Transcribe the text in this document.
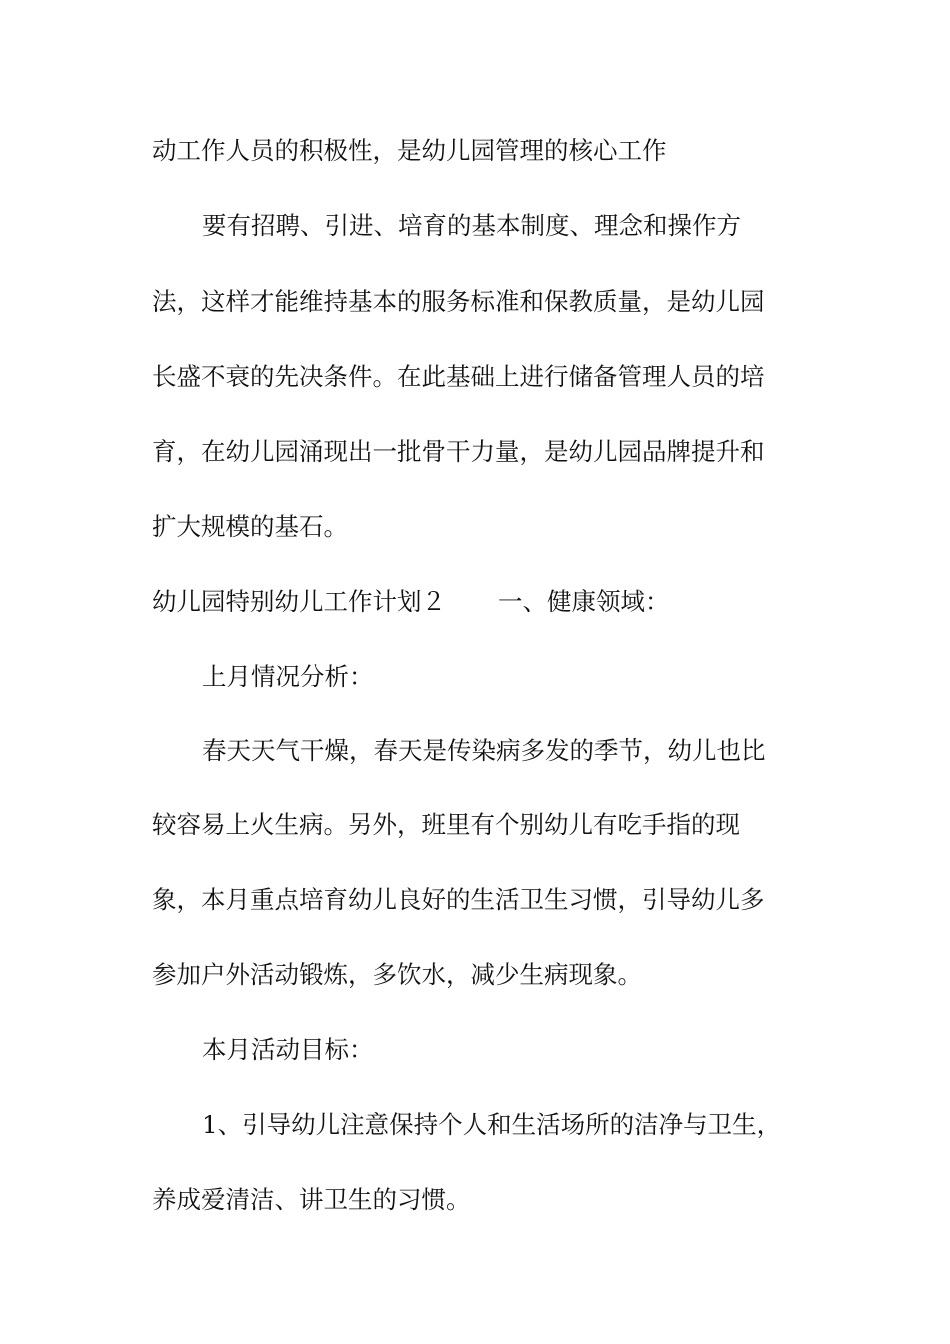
动工作人员的积极性，是幼儿园管理的核心工作
要有招聘、引进、培育的基本制度、理念和操作方
法，这样才能维持基本的服务标准和保教质量，是幼儿园
长盛不衰的先决条件。在此基础上进行储备管理人员的培
育，在幼儿园涌现出一批骨干力量，是幼儿园品牌提升和
扩大规模的基石。
幼儿园特别幼儿工作计划２ 一、健康领域：
上月情况分析：
春天天气干燥，春天是传染病多发的季节，幼儿也比
较容易上火生病。另外，班里有个别幼儿有吃手指的现
象，本月重点培育幼儿良好的生活卫生习惯，引导幼儿多
参加户外活动锻炼，多饮水，减少生病现象。
本月活动目标：
1、引导幼儿注意保持个人和生活场所的洁净与卫生，
养成爱清洁、讲卫生的习惯。
